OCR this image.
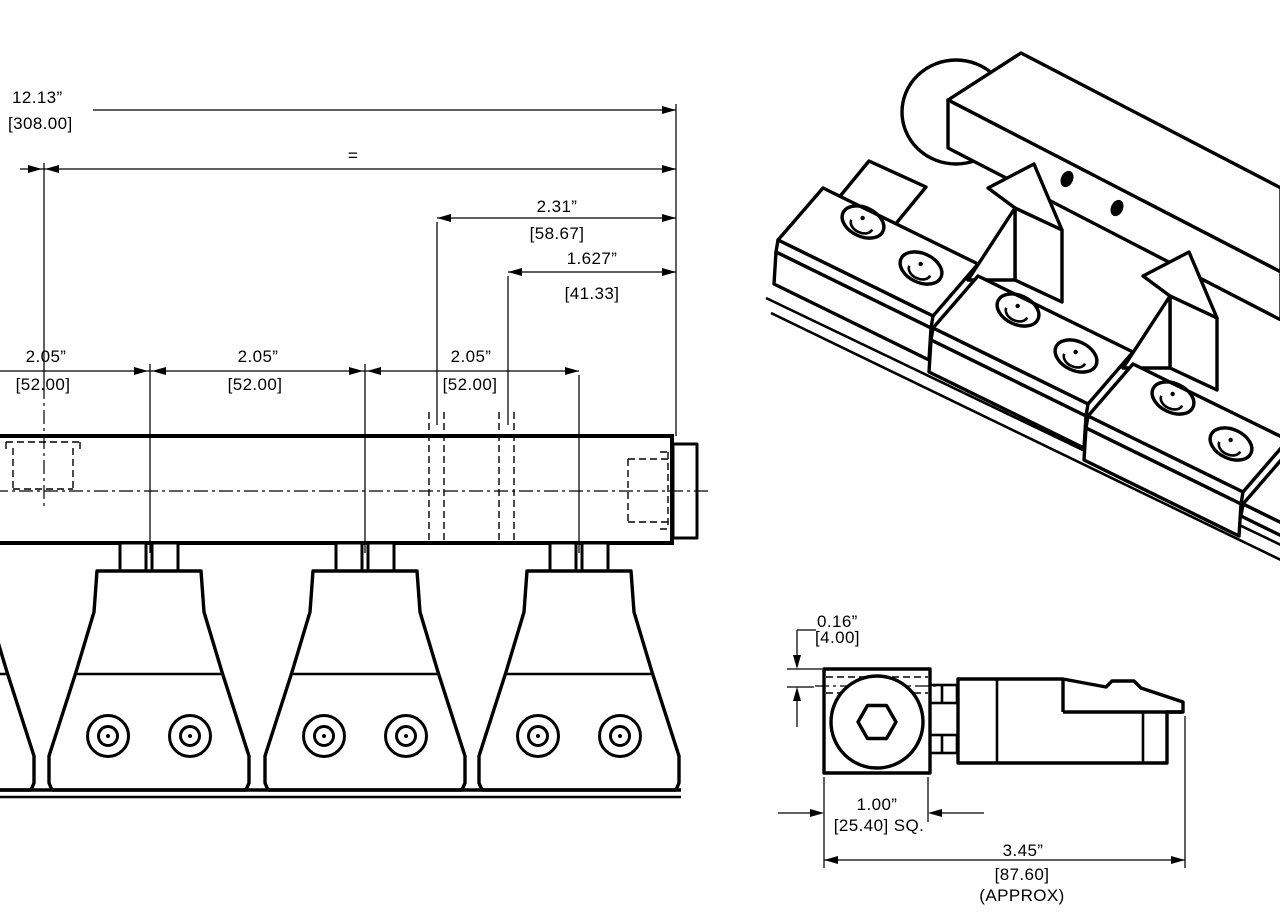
12.13”
[308.00]
=
2.31”
[58.67]
1.627”
[41.33]
2.05”
[52.00]
2.05”
[52.00]
2.05”
[52.00]
0.16”
[4.00]
1.00”
[25.40] SQ.
3.45”
[87.60]
(APPROX)
